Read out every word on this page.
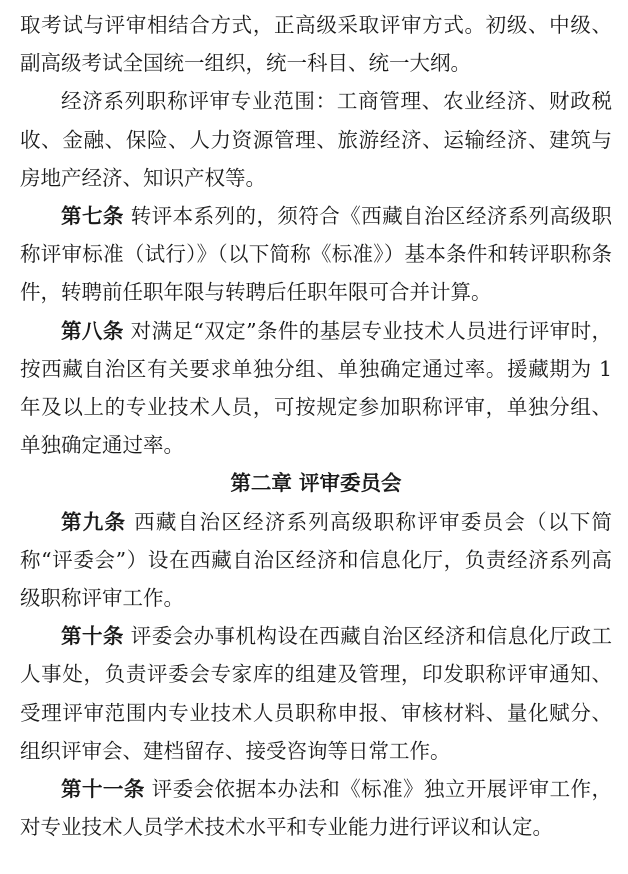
取考试与评审相结合方式，正高级采取评审方式。初级、中级、副高级考试全国统一组织，统一科目、统一大纲。

经济系列职称评审专业范围：工商管理、农业经济、财政税收、金融、保险、人力资源管理、旅游经济、运输经济、建筑与房地产经济、知识产权等。

第七条 转评本系列的，须符合《西藏自治区经济系列高级职称评审标准（试行）》（以下简称《标准》）基本条件和转评职称条件，转聘前任职年限与转聘后任职年限可合并计算。

第八条 对满足“双定”条件的基层专业技术人员进行评审时，按西藏自治区有关要求单独分组、单独确定通过率。援藏期为 1 年及以上的专业技术人员，可按规定参加职称评审，单独分组、单独确定通过率。

第二章 评审委员会

第九条 西藏自治区经济系列高级职称评审委员会（以下简称“评委会”）设在西藏自治区经济和信息化厅，负责经济系列高级职称评审工作。

第十条 评委会办事机构设在西藏自治区经济和信息化厅政工人事处，负责评委会专家库的组建及管理，印发职称评审通知、受理评审范围内专业技术人员职称申报、审核材料、量化赋分、组织评审会、建档留存、接受咨询等日常工作。

第十一条 评委会依据本办法和《标准》独立开展评审工作，对专业技术人员学术技术水平和专业能力进行评议和认定。
